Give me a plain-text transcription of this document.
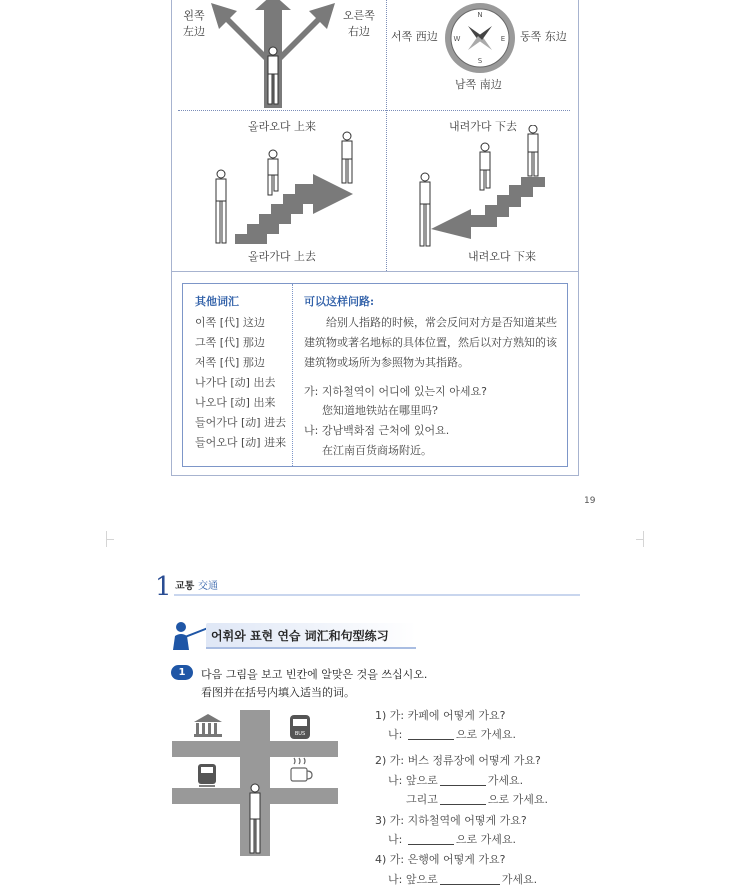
왼쪽
左边
오른쪽
右边
N
S
E
W
서쪽 西边	동쪽 东边
남쪽 南边
올라오다 上来
올라가다 上去
내려가다 下去
내려오다 下来
其他词汇	可以这样问路:
이쪽 [代] 这边
그쪽 [代] 那边
저쪽 [代] 那边
나가다 [动] 出去
나오다 [动] 出来
들어가다 [动] 进去
들어오다 [动] 进来
给别人指路的时候，常会反问对方是否知道某些
建筑物或著名地标的具体位置，然后以对方熟知的该
建筑物或场所为参照物为其指路。
가: 지하철역이 어디에 있는지 아세요?
您知道地铁站在哪里吗?
나: 강남백화점 근처에 있어요.
在江南百货商场附近。
19
1 교통 交通
어휘와 표현 연습 词汇和句型练习
1	다음 그림을 보고 빈칸에 알맞은 것을 쓰십시오.
看图并在括号内填入适当的词。
BUS
1) 가: 카페에 어떻게 가요?
나:	으로 가세요.
2) 가: 버스 정류장에 어떻게 가요?
나: 앞으로	가세요.
그리고	으로 가세요.
3) 가: 지하철역에 어떻게 가요?
나:	으로 가세요.
4) 가: 은행에 어떻게 가요?
나: 앞으로	가세요.
